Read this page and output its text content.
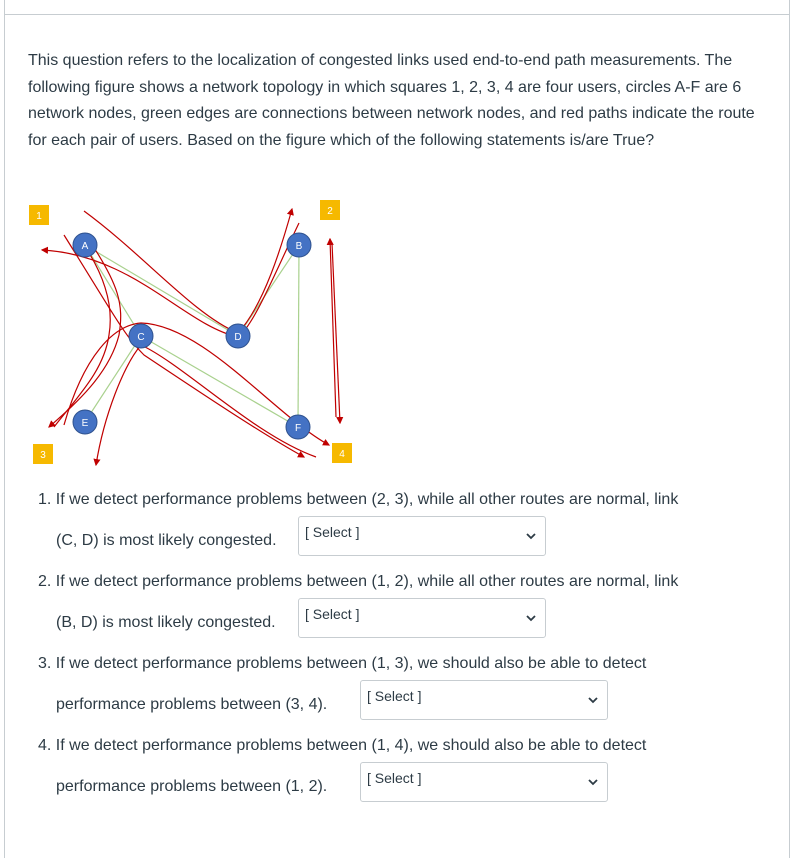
This question refers to the localization of congested links used end-to-end path measurements. The following figure shows a network topology in which squares 1, 2, 3, 4 are four users, circles A-F are 6 network nodes, green edges are connections between network nodes, and red paths indicate the route for each pair of users. Based on the figure which of the following statements is/are True?
1	2
3	4
A	B
C	D
E	F
1. If we detect performance problems between (2, 3), while all other routes are normal, link
(C, D) is most likely congested. [ Select ]
2. If we detect performance problems between (1, 2), while all other routes are normal, link
(B, D) is most likely congested. [ Select ]
3. If we detect performance problems between (1, 3), we should also be able to detect
performance problems between (3, 4).	[ Select ]
4. If we detect performance problems between (1, 4), we should also be able to detect
performance problems between (1, 2).	[ Select ]
